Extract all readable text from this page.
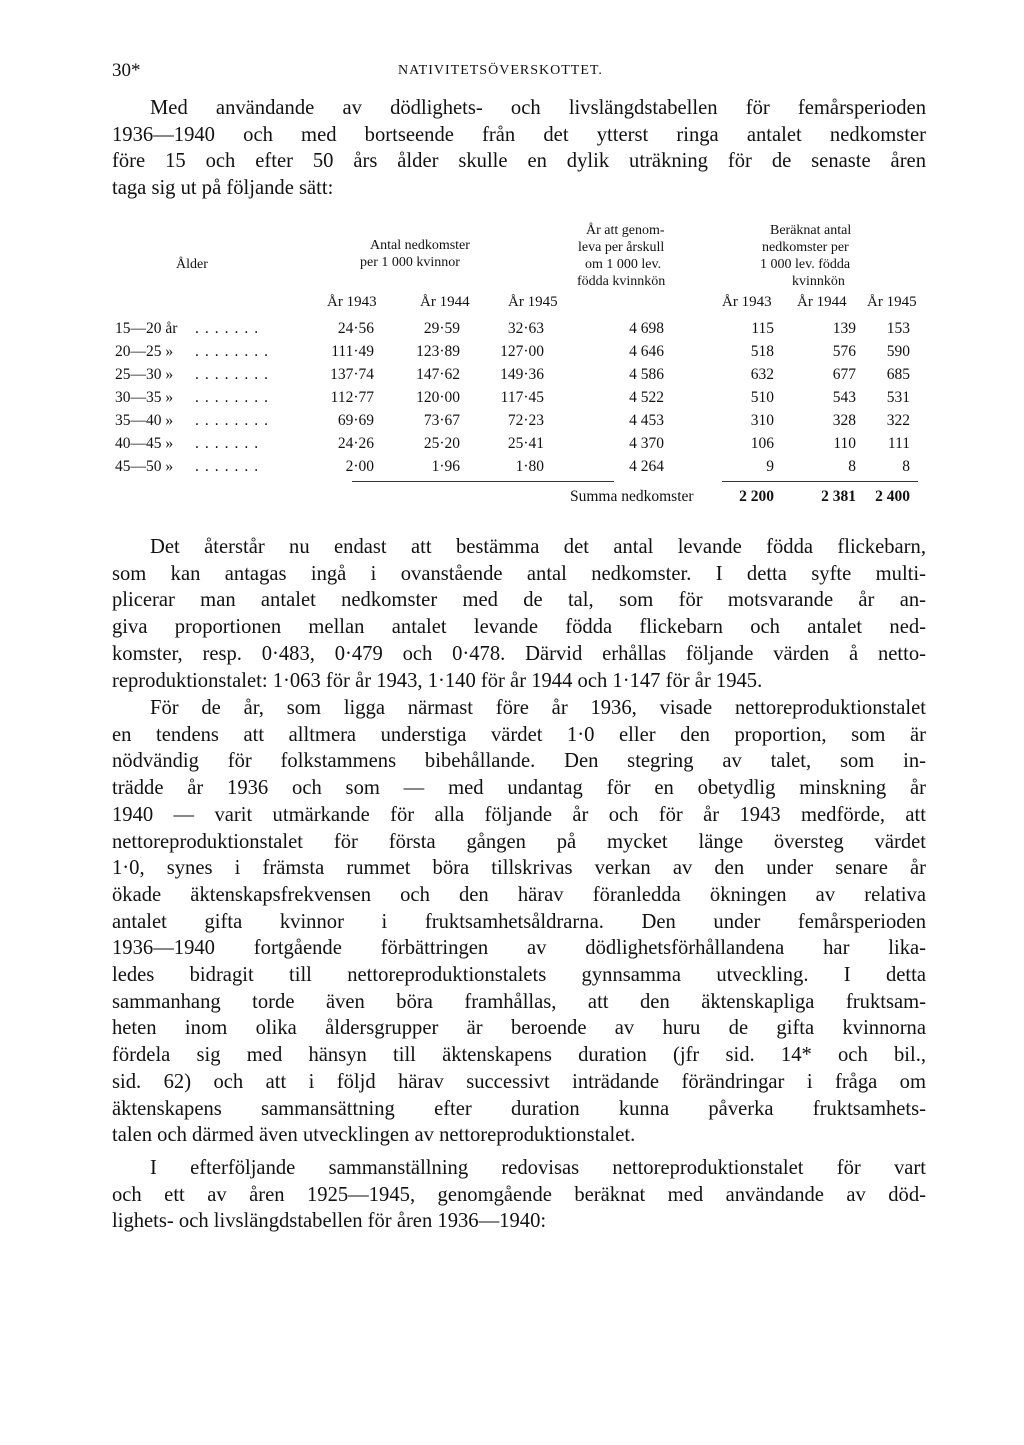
30*	NATIVITETSÖVERSKOTTET.

Med användande av dödlighets- och livslängdstabellen för femårsperioden
1936—1940 och med bortseende från det ytterst ringa antalet nedkomster
före 15 och efter 50 års ålder skulle en dylik uträkning för de senaste åren
taga sig ut på följande sätt:

Ålder
Antal nedkomster
per 1 000 kvinnor
År att genom-
leva per årskull
om 1 000 lev.
födda kvinnkön
Beräknat antal
nedkomster per
1 000 lev. födda
kvinnkön
År 1943	År 1944	År 1945	År 1943 År 1944 År 1945
15—20 år .......	24·56	29·59	32·63	4 698	115	139	153
20—25 » ........	111·49	123·89	127·00	4 646	518	576	590
25—30 » ........	137·74	147·62	149·36	4 586	632	677	685
30—35 » ........	112·77	120·00	117·45	4 522	510	543	531
35—40 » ........	69·69	73·67	72·23	4 453	310	328	322
40—45 » .......	24·26	25·20	25·41	4 370	106	110	111
45—50 » .......	2·00	1·96	1·80	4 264	9	8	8
Summa nedkomster	2 200	2 381	2 400

Det återstår nu endast att bestämma det antal levande födda flickebarn,
som kan antagas ingå i ovanstående antal nedkomster. I detta syfte multi-
plicerar man antalet nedkomster med de tal, som för motsvarande år an-
giva proportionen mellan antalet levande födda flickebarn och antalet ned-
komster, resp. 0·483, 0·479 och 0·478. Därvid erhållas följande värden å netto-
reproduktionstalet: 1·063 för år 1943, 1·140 för år 1944 och 1·147 för år 1945.

För de år, som ligga närmast före år 1936, visade nettoreproduktionstalet
en tendens att alltmera understiga värdet 1·0 eller den proportion, som är
nödvändig för folkstammens bibehållande. Den stegring av talet, som in-
trädde år 1936 och som — med undantag för en obetydlig minskning år
1940 — varit utmärkande för alla följande år och för år 1943 medförde, att
nettoreproduktionstalet för första gången på mycket länge översteg värdet
1·0, synes i främsta rummet böra tillskrivas verkan av den under senare år
ökade äktenskapsfrekvensen och den härav föranledda ökningen av relativa
antalet gifta kvinnor i fruktsamhetsåldrarna. Den under femårsperioden
1936—1940 fortgående förbättringen av dödlighetsförhållandena har lika-
ledes bidragit till nettoreproduktionstalets gynnsamma utveckling. I detta
sammanhang torde även böra framhållas, att den äktenskapliga fruktsam-
heten inom olika åldersgrupper är beroende av huru de gifta kvinnorna
fördela sig med hänsyn till äktenskapens duration (jfr sid. 14* och bil.,
sid. 62) och att i följd härav successivt inträdande förändringar i fråga om
äktenskapens sammansättning efter duration kunna påverka fruktsamhets-
talen och därmed även utvecklingen av nettoreproduktionstalet.

I efterföljande sammanställning redovisas nettoreproduktionstalet för vart
och ett av åren 1925—1945, genomgående beräknat med användande av död-
lighets- och livslängdstabellen för åren 1936—1940:
